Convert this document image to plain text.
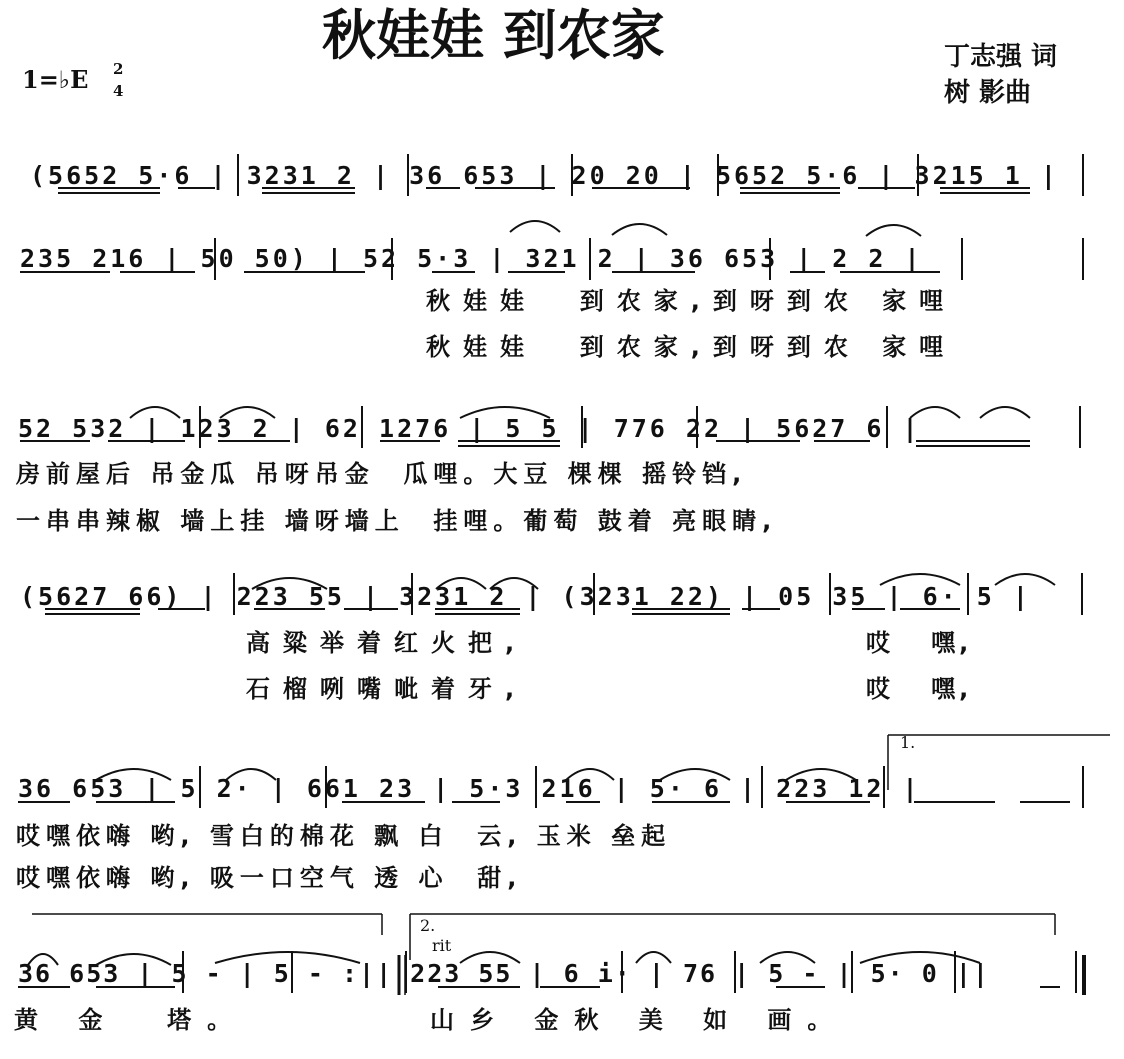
秋娃娃 到农家
1=♭E 2
4
丁志强 词
树 影曲
(5652 5·6 | 3231 2 | 36 653 | 20 20 | 5652 5·6 | 3215 1 |
235 216 | 50 50) | 52 5·3 | 321 2 | 36 653 | 2 2 |
秋娃娃  到农家,到呀到农 家哩
秋娃娃  到农家,到呀到农 家哩
52 532 | 123 2 | 62 1276 | 5 5 | 776 22 | 5627 6 |
房前屋后 吊金瓜 吊呀吊金  瓜哩。大豆 棵棵 摇铃铛,
一串串辣椒 墙上挂 墙呀墙上  挂哩。葡萄 鼓着 亮眼睛,
(5627 66) | 223 55 | 3231 2 | (3231 22) | 05 35 | 6· 5 |
高粱举着红火把,
石榴咧嘴呲着牙,
哎   嘿,
哎   嘿,
1.
36 653 | 5 2· | 661 23 | 5·3 216 | 5· 6 | 223 12 |
哎嘿依嗨 哟, 雪白的棉花 飘 白  云, 玉米 垒起
哎嘿依嗨 哟, 吸一口空气 透 心  甜,
2.
rit
36 653 | 5 - | 5 - :|| 223 55 | 6 i· | 76 | 5 - | 5· 0 ||
黄 金  塔。	山乡 金秋 美 如 画。
